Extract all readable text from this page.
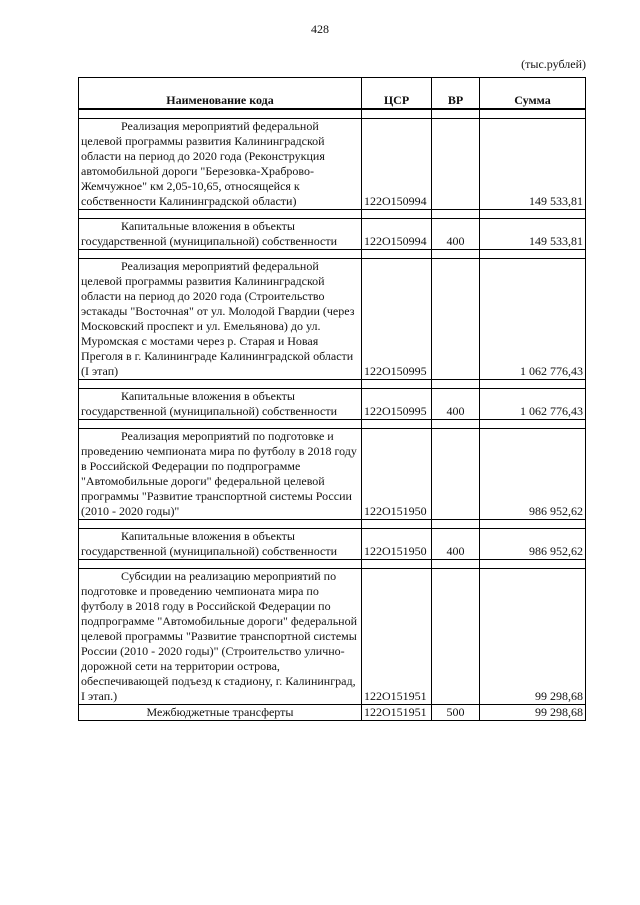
428
(тыс.рублей)
Наименование кода	ЦСР	ВР	Сумма

Реализация мероприятий федеральной целевой программы развития Калининградской области на период до 2020 года (Реконструкция автомобильной дороги "Березовка-Храброво-Жемчужное" км 2,05-10,65, относящейся к собственности Калининградской области)	122О150994		149 533,81

Капитальные вложения в объекты государственной (муниципальной) собственности	122О150994	400	149 533,81

Реализация мероприятий федеральной целевой программы развития Калининградской области на период до 2020 года (Строительство эстакады "Восточная" от ул. Молодой Гвардии (через Московский проспект и ул. Емельянова) до ул. Муромская с мостами через р. Старая и Новая Преголя в г. Калининграде Калининградской области (I этап)	122О150995		1 062 776,43

Капитальные вложения в объекты государственной (муниципальной) собственности	122О150995	400	1 062 776,43

Реализация мероприятий по подготовке и проведению чемпионата мира по футболу в 2018 году в Российской Федерации по подпрограмме "Автомобильные дороги" федеральной целевой программы "Развитие транспортной системы России (2010 - 2020 годы)"	122О151950		986 952,62

Капитальные вложения в объекты государственной (муниципальной) собственности	122О151950	400	986 952,62

Субсидии на реализацию мероприятий по подготовке и проведению чемпионата мира по футболу в 2018 году в Российской Федерации по подпрограмме "Автомобильные дороги" федеральной целевой программы "Развитие транспортной системы России (2010 - 2020 годы)" (Строительство улично-дорожной сети на территории острова, обеспечивающей подъезд к стадиону, г. Калининград, I этап.)	122О151951		99 298,68
Межбюджетные трансферты	122О151951	500	99 298,68
